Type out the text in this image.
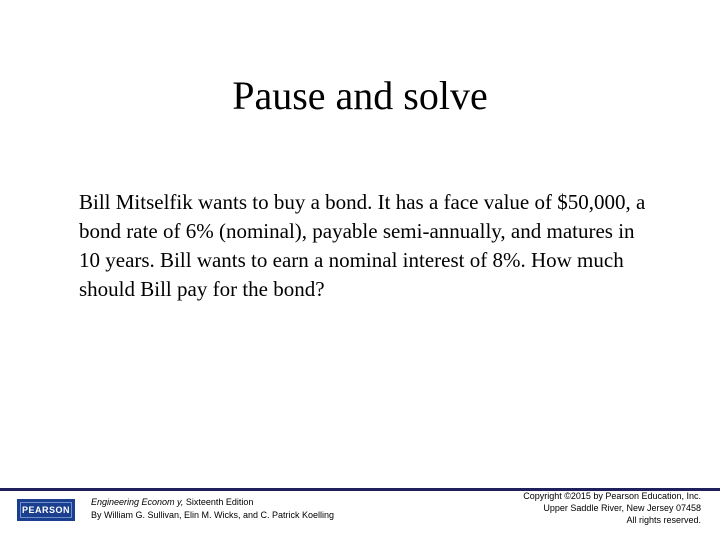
Pause and solve
Bill Mitselfik wants to buy a bond. It has a face value of $50,000, a bond rate of 6% (nominal), payable semi-annually, and matures in 10 years. Bill wants to earn a nominal interest of 8%. How much should Bill pay for the bond?
PEARSON
Engineering Econom y, Sixteenth Edition
By William G. Sullivan, Elin M. Wicks, and C. Patrick Koelling
Copyright ©2015 by Pearson Education, Inc.
Upper Saddle River, New Jersey 07458
All rights reserved.
